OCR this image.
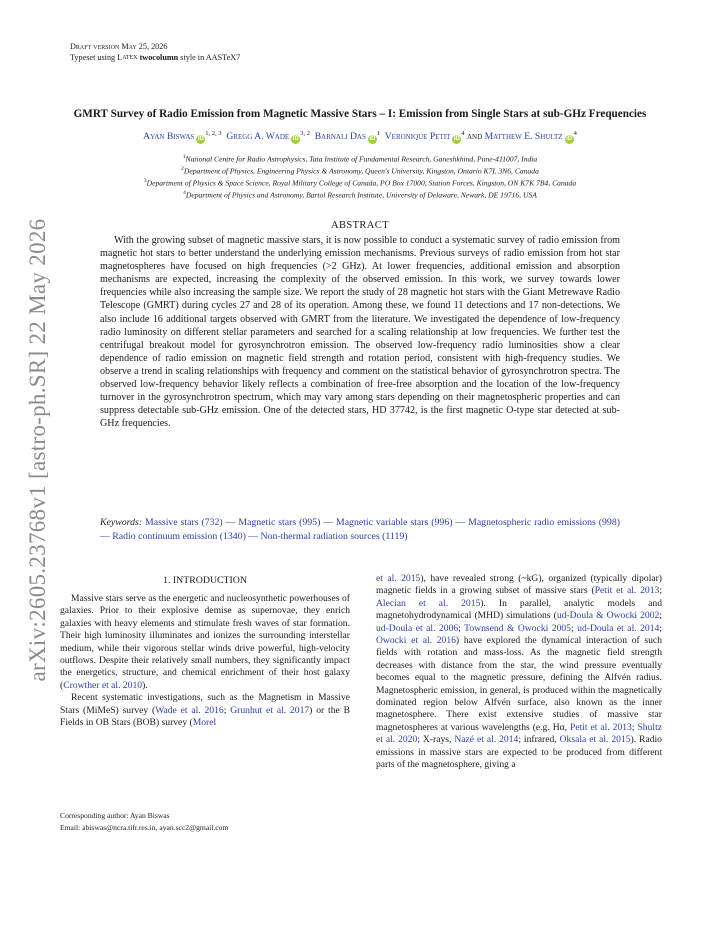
arXiv:2605.23768v1 [astro-ph.SR] 22 May 2026
Draft version May 25, 2026
Typeset using LATEX twocolumn style in AASTeX7
GMRT Survey of Radio Emission from Magnetic Massive Stars – I: Emission from Single Stars at sub-GHz Frequencies
Ayan Biswas iD$^{1, 2, 3}$ Gregg A. Wade iD$^{3, 2}$ Barnali Das $iD^1$ Veronique Petit $iD^4$ and Matthew E. Shultz $iD^4$
$^1$National Centre for Radio Astrophysics, Tata Institute of Fundamental Research, Ganeshkhind, Pune-411007, India
$^2$Department of Physics, Engineering Physics & Astronomy, Queen's University, Kingston, Ontario K7L 3N6, Canada
$^3$Department of Physics & Space Science, Royal Military College of Canada, PO Box 17000, Station Forces, Kingston, ON K7K 7B4, Canada
$^4$Department of Physics and Astronomy, Bartol Research Institute, University of Delaware, Newark, DE 19716, USA
ABSTRACT
With the growing subset of magnetic massive stars, it is now possible to conduct a systematic survey of radio emission from magnetic hot stars to better understand the underlying emission mechanisms. Previous surveys of radio emission from hot star magnetospheres have focused on high frequencies (>2 GHz). At lower frequencies, additional emission and absorption mechanisms are expected, increasing the complexity of the observed emission. In this work, we survey towards lower frequencies while also increasing the sample size. We report the study of 28 magnetic hot stars with the Giant Metrewave Radio Telescope (GMRT) during cycles 27 and 28 of its operation. Among these, we found 11 detections and 17 non-detections. We also include 16 additional targets observed with GMRT from the literature. We investigated the dependence of low-frequency radio luminosity on different stellar parameters and searched for a scaling relationship at low frequencies. We further test the centrifugal breakout model for gyrosynchrotron emission. The observed low-frequency radio luminosities show a clear dependence of radio emission on magnetic field strength and rotation period, consistent with high-frequency studies. We observe a trend in scaling relationships with frequency and comment on the statistical behavior of gyrosynchrotron spectra. The observed low-frequency behavior likely reflects a combination of free-free absorption and the location of the low-frequency turnover in the gyrosynchrotron spectrum, which may vary among stars depending on their magnetospheric properties and can suppress detectable sub-GHz emission. One of the detected stars, HD 37742, is the first magnetic O-type star detected at sub-GHz frequencies.
Keywords: Massive stars (732) — Magnetic stars (995) — Magnetic variable stars (996) — Magnetospheric radio emissions (998) — Radio continuum emission (1340) — Non-thermal radiation sources (1119)
1. INTRODUCTION

Massive stars serve as the energetic and nucleosynthetic powerhouses of galaxies. Prior to their explosive demise as supernovae, they enrich galaxies with heavy elements and stimulate fresh waves of star formation. Their high luminosity illuminates and ionizes the surrounding interstellar medium, while their vigorous stellar winds drive powerful, high-velocity outflows. Despite their relatively small numbers, they significantly impact the energetics, structure, and chemical enrichment of their host galaxy (Crowther et al. 2010).

Recent systematic investigations, such as the Magnetism in Massive Stars (MiMeS) survey (Wade et al. 2016; Grunhut et al. 2017) or the B Fields in OB Stars (BOB) survey (Morel

et al. 2015), have revealed strong (~kG), organized (typically dipolar) magnetic fields in a growing subset of massive stars (Petit et al. 2013; Alecian et al. 2015). In parallel, analytic models and magnetohydrodynamical (MHD) simulations (ud-Doula & Owocki 2002; ud-Doula et al. 2006; Townsend & Owocki 2005; ud-Doula et al. 2014; Owocki et al. 2016) have explored the dynamical interaction of such fields with rotation and mass-loss. As the magnetic field strength decreases with distance from the star, the wind pressure eventually becomes equal to the magnetic pressure, defining the Alfvén radius. Magnetospheric emission, in general, is produced within the magnetically dominated region below Alfvén surface, also known as the inner magnetosphere. There exist extensive studies of massive star magnetospheres at various wavelengths (e.g. Hα, Petit et al. 2013; Shultz et al. 2020; X-rays, Nazé et al. 2014; infrared, Oksala et al. 2015). Radio emissions in massive stars are expected to be produced from different parts of the magnetosphere, giving a

Corresponding author: Ayan Biswas
Email: abiswas@ncra.tifr.res.in, ayan.scc2@gmail.com
